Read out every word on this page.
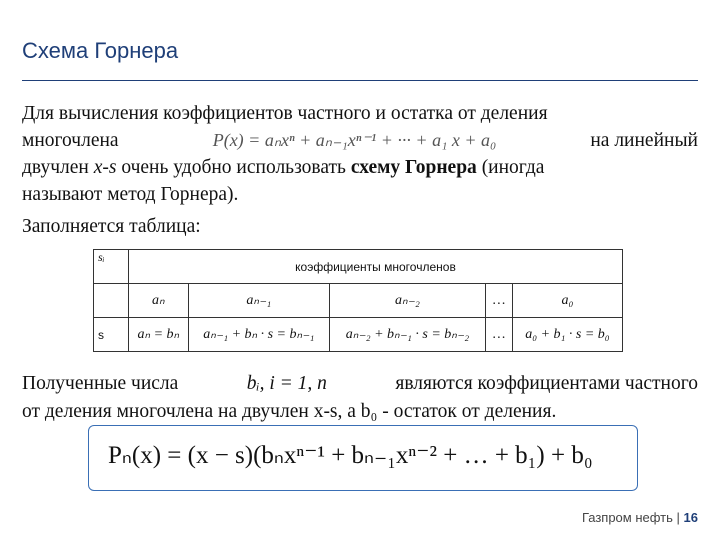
Схема Горнера
Для вычисления коэффициентов частного и остатка от деления
многочлена	P(x) = aₙxⁿ + aₙ₋₁xⁿ⁻¹ + ··· + a₁ x + a₀	на линейный
двучлен x-s очень удобно использовать схему Горнера (иногда
называют метод Горнера).
Заполняется таблица:
sᵢ	коэффициенты многочленов				
	aₙ	aₙ₋₁	aₙ₋₂	…	a₀
s	aₙ = bₙ	aₙ₋₁ + bₙ · s = bₙ₋₁	aₙ₋₂ + bₙ₋₁ · s = bₙ₋₂	…	a₀ + b₁ · s = b₀
Полученные числа	bᵢ, i = 1, n	являются коэффициентами частного
от деления многочлена на двучлен x-s, а b₀ - остаток от деления.
Pₙ(x) = (x − s)(bₙxⁿ⁻¹ + bₙ₋₁xⁿ⁻² + … + b₁) + b₀
Газпром нефть | 16
